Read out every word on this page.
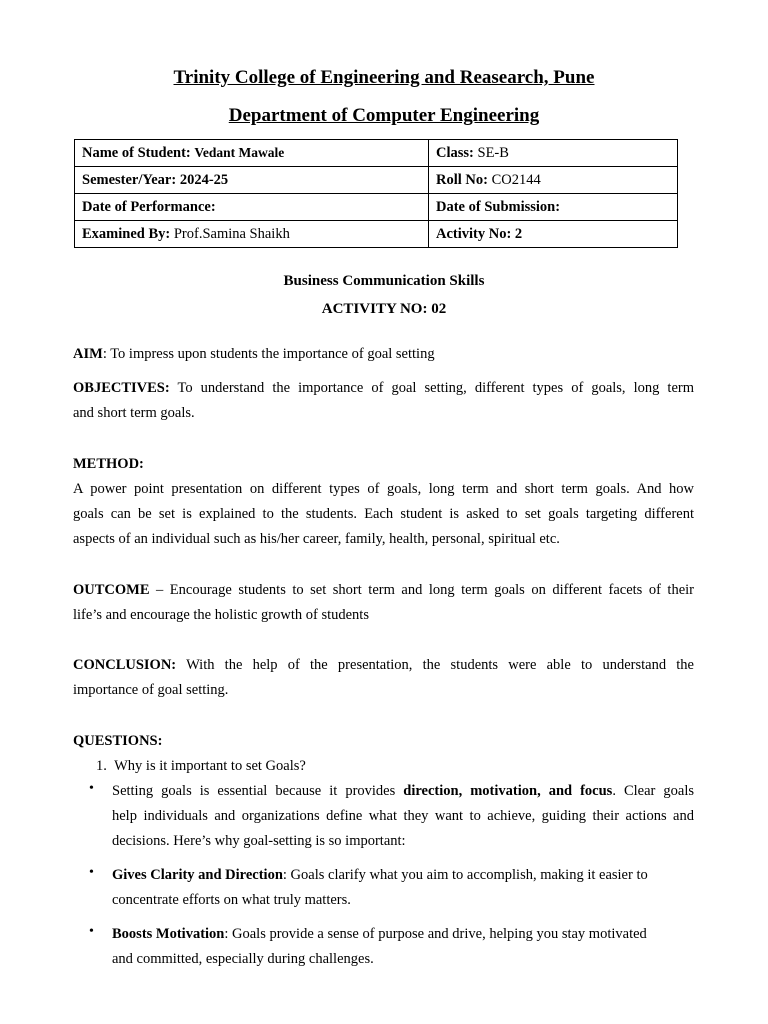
Trinity College of Engineering and Reasearch, Pune
Department of Computer Engineering
Name of Student: Vedant Mawale	Class: SE-B
Semester/Year: 2024-25	Roll No: CO2144
Date of Performance:	Date of Submission:
Examined By: Prof.Samina Shaikh	Activity No: 2
Business Communication Skills
ACTIVITY NO: 02
AIM: To impress upon students the importance of goal setting
OBJECTIVES: To understand the importance of goal setting, different types of goals, long term
and short term goals.
METHOD:
A power point presentation on different types of goals, long term and short term goals. And how
goals can be set is explained to the students. Each student is asked to set goals targeting different
aspects of an individual such as his/her career, family, health, personal, spiritual etc.
OUTCOME – Encourage students to set short term and long term goals on different facets of their
life’s and encourage the holistic growth of students
CONCLUSION: With the help of the presentation, the students were able to understand the
importance of goal setting.
QUESTIONS:
1. Why is it important to set Goals?
• Setting goals is essential because it provides direction, motivation, and focus. Clear goals
help individuals and organizations define what they want to achieve, guiding their actions and
decisions. Here’s why goal-setting is so important:
• Gives Clarity and Direction: Goals clarify what you aim to accomplish, making it easier to
concentrate efforts on what truly matters.
• Boosts Motivation: Goals provide a sense of purpose and drive, helping you stay motivated
and committed, especially during challenges.
